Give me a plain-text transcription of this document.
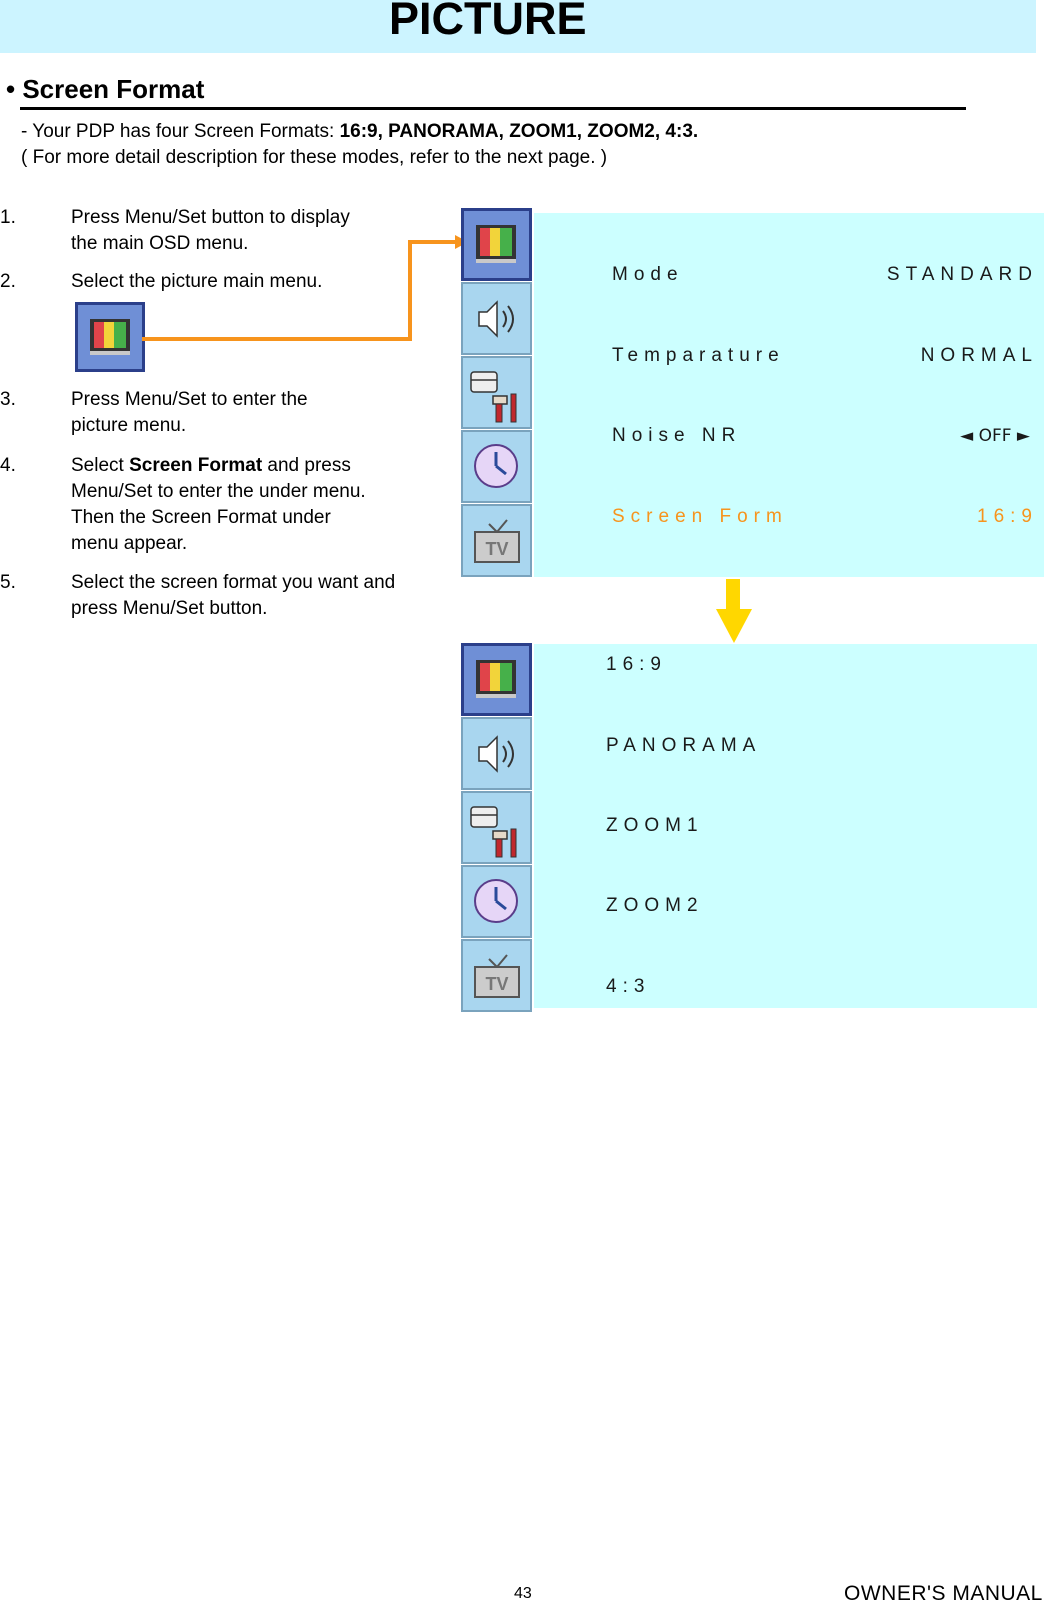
PICTURE
• Screen Format
- Your PDP has four Screen Formats: 16:9, PANORAMA, ZOOM1, ZOOM2, 4:3.
( For more detail description for these modes, refer to the next page. )
1.	Press Menu/Set button to display the main OSD menu.
2.	Select the picture main menu.
3.	Press Menu/Set to enter the picture menu.
4.	Select Screen Format and press Menu/Set to enter the under menu. Then the Screen Format under menu appear.
5.	Select the screen format you want and press Menu/Set button.
TV
Mode	STANDARD
Temparature	NORMAL
Noise NR	◄ OFF ►
Screen Form	16:9
TV
16:9
PANORAMA
ZOOM1
ZOOM2
4:3
43	OWNER'S MANUAL
